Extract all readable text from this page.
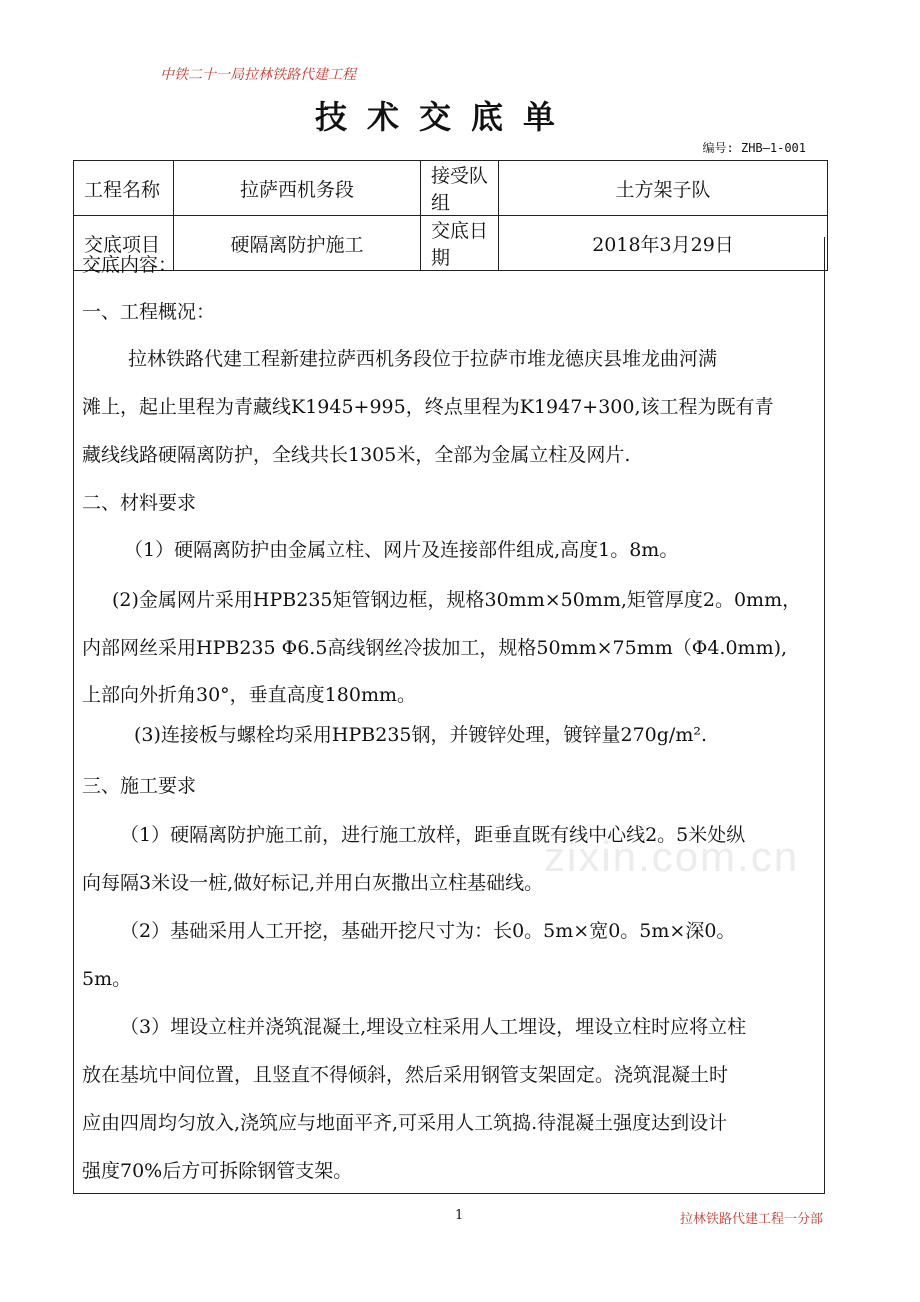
中铁二十一局拉林铁路代建工程
技术交底单
编号: ZHB—1-001
工程名称	拉萨西机务段	接受队组	土方架子队
交底项目	硬隔离防护施工	交底日期	2018年3月29日
zixin.com.cn
交底内容：
一、工程概况：
拉林铁路代建工程新建拉萨西机务段位于拉萨市堆龙德庆县堆龙曲河满
滩上，起止里程为青藏线K1945+995，终点里程为K1947+300,该工程为既有青
藏线线路硬隔离防护，全线共长1305米，全部为金属立柱及网片.
二、材料要求
（1）硬隔离防护由金属立柱、网片及连接部件组成,高度1。8m。
(2)金属网片采用HPB235矩管钢边框，规格30mm×50mm,矩管厚度2。0mm，
内部网丝采用HPB235 Φ6.5高线钢丝冷拔加工，规格50mm×75mm（Φ4.0mm),
上部向外折角30°，垂直高度180mm。
(3)连接板与螺栓均采用HPB235钢，并镀锌处理，镀锌量270g/m².
三、施工要求
（1）硬隔离防护施工前，进行施工放样，距垂直既有线中心线2。5米处纵
向每隔3米设一桩,做好标记,并用白灰撒出立柱基础线。
（2）基础采用人工开挖，基础开挖尺寸为：长0。5m×宽0。5m×深0。
5m。
（3）埋设立柱并浇筑混凝土,埋设立柱采用人工埋设，埋设立柱时应将立柱
放在基坑中间位置，且竖直不得倾斜，然后采用钢管支架固定。浇筑混凝土时
应由四周均匀放入,浇筑应与地面平齐,可采用人工筑捣.待混凝土强度达到设计
强度70%后方可拆除钢管支架。
1	拉林铁路代建工程一分部
